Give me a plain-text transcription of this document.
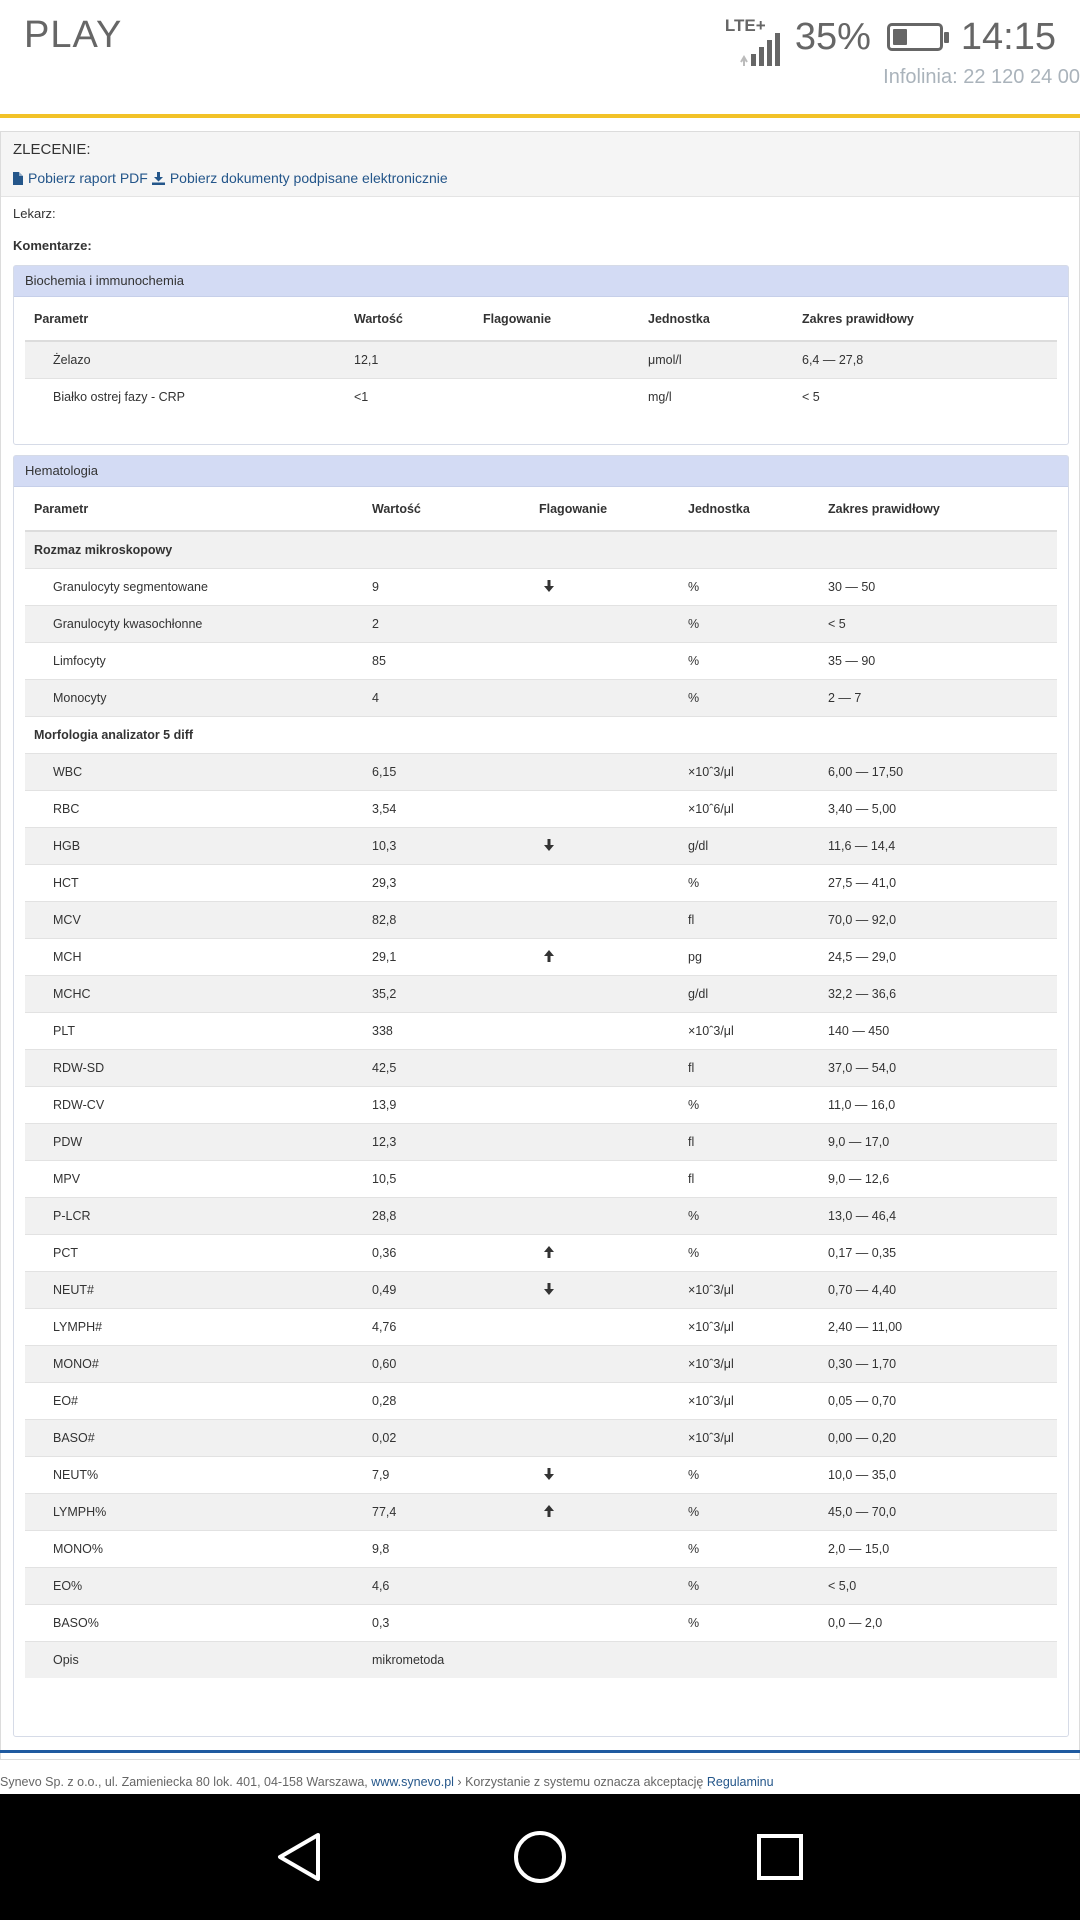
PLAY	LTE+ 35% 14:15
Infolinia: 22 120 24 00
ZLECENIE:
Pobierz raport PDF Pobierz dokumenty podpisane elektronicznie
Lekarz:
Komentarze:
Biochemia i immunochemia
Parametr	Wartość	Flagowanie	Jednostka	Zakres prawidłowy
Żelazo	12,1		μmol/l	6,4 — 27,8
Białko ostrej fazy - CRP	<1		mg/l	< 5
Hematologia
Parametr	Wartość	Flagowanie	Jednostka	Zakres prawidłowy
Rozmaz mikroskopowy				
Granulocyty segmentowane	9		%	30 — 50
Granulocyty kwasochłonne	2		%	< 5
Limfocyty	85		%	35 — 90
Monocyty	4		%	2 — 7
Morfologia analizator 5 diff				
WBC	6,15		×10ˆ3/μl	6,00 — 17,50
RBC	3,54		×10ˆ6/μl	3,40 — 5,00
HGB	10,3		g/dl	11,6 — 14,4
HCT	29,3		%	27,5 — 41,0
MCV	82,8		fl	70,0 — 92,0
MCH	29,1		pg	24,5 — 29,0
MCHC	35,2		g/dl	32,2 — 36,6
PLT	338		×10ˆ3/μl	140 — 450
RDW-SD	42,5		fl	37,0 — 54,0
RDW-CV	13,9		%	11,0 — 16,0
PDW	12,3		fl	9,0 — 17,0
MPV	10,5		fl	9,0 — 12,6
P-LCR	28,8		%	13,0 — 46,4
PCT	0,36		%	0,17 — 0,35
NEUT#	0,49		×10ˆ3/μl	0,70 — 4,40
LYMPH#	4,76		×10ˆ3/μl	2,40 — 11,00
MONO#	0,60		×10ˆ3/μl	0,30 — 1,70
EO#	0,28		×10ˆ3/μl	0,05 — 0,70
BASO#	0,02		×10ˆ3/μl	0,00 — 0,20
NEUT%	7,9		%	10,0 — 35,0
LYMPH%	77,4		%	45,0 — 70,0
MONO%	9,8		%	2,0 — 15,0
EO%	4,6		%	< 5,0
BASO%	0,3		%	0,0 — 2,0
Opis	mikrometoda			
Synevo Sp. z o.o., ul. Zamieniecka 80 lok. 401, 04-158 Warszawa, www.synevo.pl › Korzystanie z systemu oznacza akceptację Regulaminu
